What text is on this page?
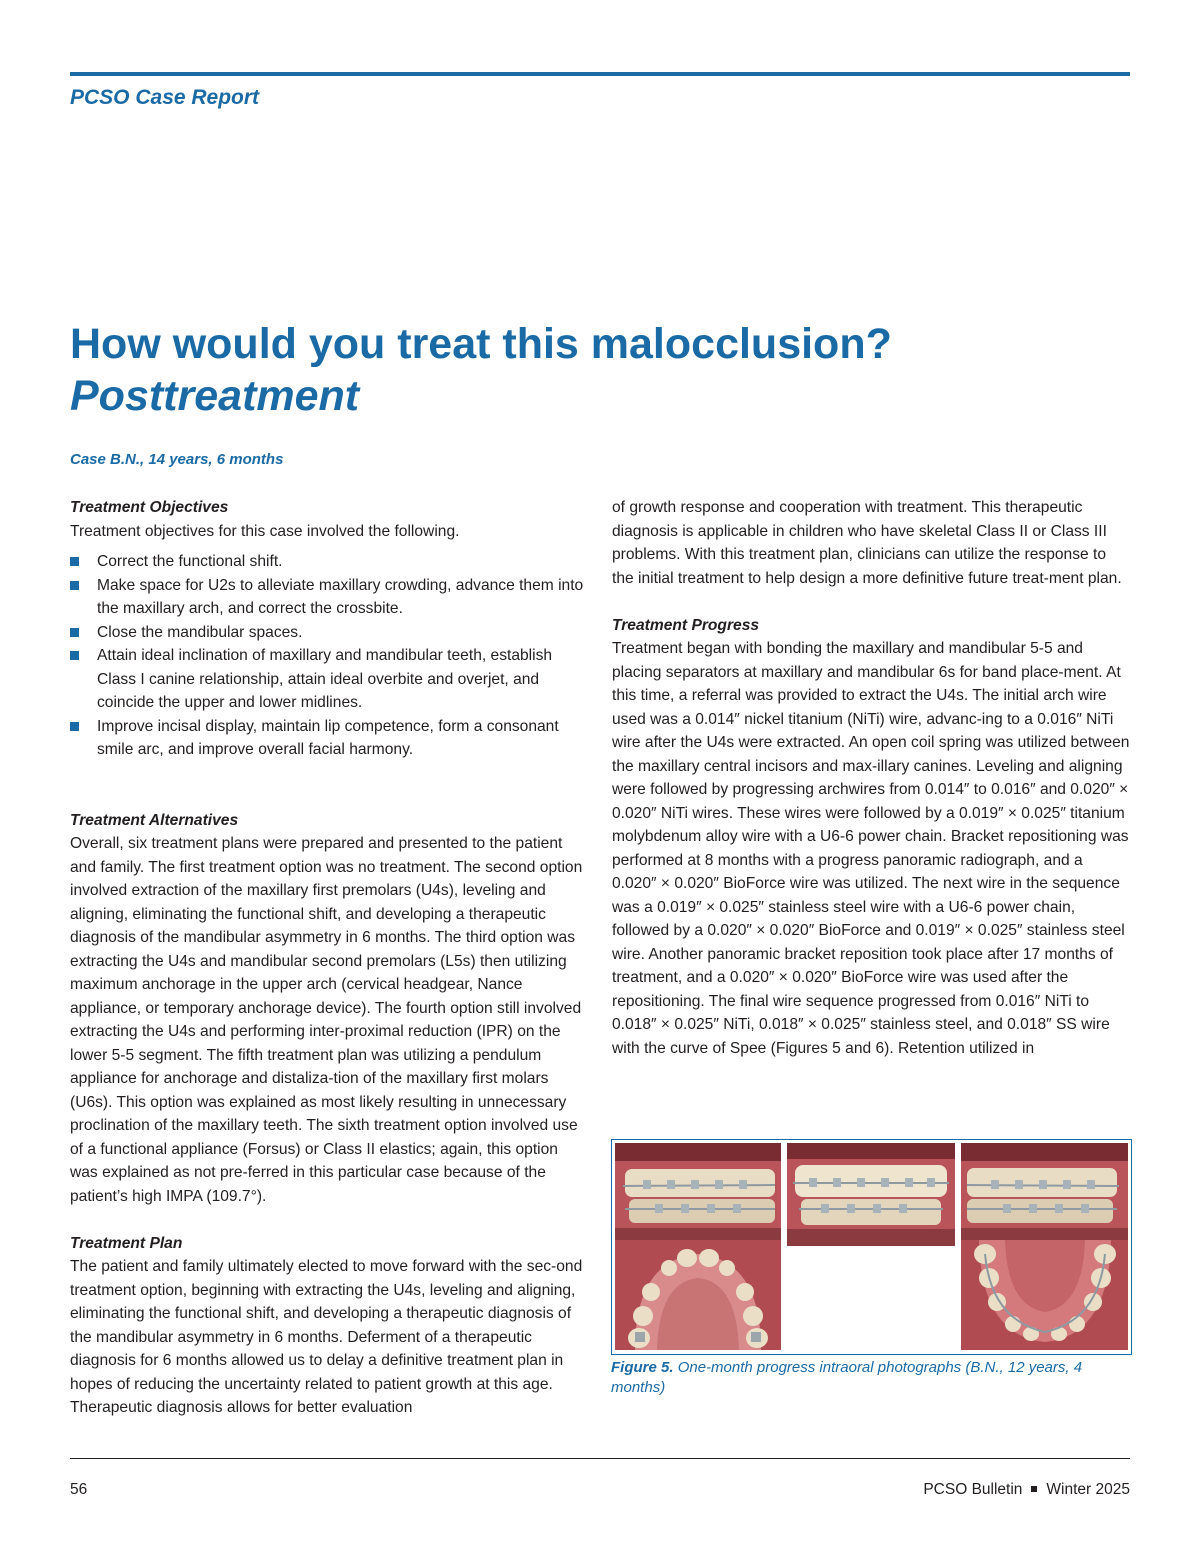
PCSO Case Report
How would you treat this malocclusion?
Posttreatment
Case B.N., 14 years, 6 months

Treatment Objectives

Treatment objectives for this case involved the following.

Correct the functional shift.
Make space for U2s to alleviate maxillary crowding, advance them into the maxillary arch, and correct the crossbite.
Close the mandibular spaces.
Attain ideal inclination of maxillary and mandibular teeth, establish Class I canine relationship, attain ideal overbite and overjet, and coincide the upper and lower midlines.
Improve incisal display, maintain lip competence, form a consonant smile arc, and improve overall facial harmony.

Treatment Alternatives

Overall, six treatment plans were prepared and presented to the patient and family. The first treatment option was no treatment. The second option involved extraction of the maxillary first premolars (U4s), leveling and aligning, eliminating the functional shift, and developing a therapeutic diagnosis of the mandibular asymmetry in 6 months. The third option was extracting the U4s and mandibular second premolars (L5s) then utilizing maximum anchorage in the upper arch (cervical headgear, Nance appliance, or temporary anchorage device). The fourth option still involved extracting the U4s and performing inter-proximal reduction (IPR) on the lower 5-5 segment. The fifth treatment plan was utilizing a pendulum appliance for anchorage and distaliza-tion of the maxillary first molars (U6s). This option was explained as most likely resulting in unnecessary proclination of the maxillary teeth. The sixth treatment option involved use of a functional appliance (Forsus) or Class II elastics; again, this option was explained as not pre-ferred in this particular case because of the patient’s high IMPA (109.7°).

Treatment Plan

The patient and family ultimately elected to move forward with the sec-ond treatment option, beginning with extracting the U4s, leveling and aligning, eliminating the functional shift, and developing a therapeutic diagnosis of the mandibular asymmetry in 6 months. Deferment of a therapeutic diagnosis for 6 months allowed us to delay a definitive treatment plan in hopes of reducing the uncertainty related to patient growth at this age. Therapeutic diagnosis allows for better evaluation

of growth response and cooperation with treatment. This therapeutic diagnosis is applicable in children who have skeletal Class II or Class III problems. With this treatment plan, clinicians can utilize the response to the initial treatment to help design a more definitive future treat-ment plan.

Treatment Progress

Treatment began with bonding the maxillary and mandibular 5-5 and placing separators at maxillary and mandibular 6s for band place-ment. At this time, a referral was provided to extract the U4s. The initial arch wire used was a 0.014″ nickel titanium (NiTi) wire, advanc-ing to a 0.016″ NiTi wire after the U4s were extracted. An open coil spring was utilized between the maxillary central incisors and max-illary canines. Leveling and aligning were followed by progressing archwires from 0.014″ to 0.016″ and 0.020″ × 0.020″ NiTi wires. These wires were followed by a 0.019″ × 0.025″ titanium molybdenum alloy wire with a U6-6 power chain. Bracket repositioning was performed at 8 months with a progress panoramic radiograph, and a 0.020″ × 0.020″ BioForce wire was utilized. The next wire in the sequence was a 0.019″ × 0.025″ stainless steel wire with a U6-6 power chain, followed by a 0.020″ × 0.020″ BioForce and 0.019″ × 0.025″ stainless steel wire. Another panoramic bracket reposition took place after 17 months of treatment, and a 0.020″ × 0.020″ BioForce wire was used after the repositioning. The final wire sequence progressed from 0.016″ NiTi to 0.018″ × 0.025″ NiTi, 0.018″ × 0.025″ stainless steel, and 0.018″ SS wire with the curve of Spee (Figures 5 and 6). Retention utilized in

Figure 5. One-month progress intraoral photographs (B.N., 12 years, 4 months)
56	PCSO Bulletin Winter 2025
